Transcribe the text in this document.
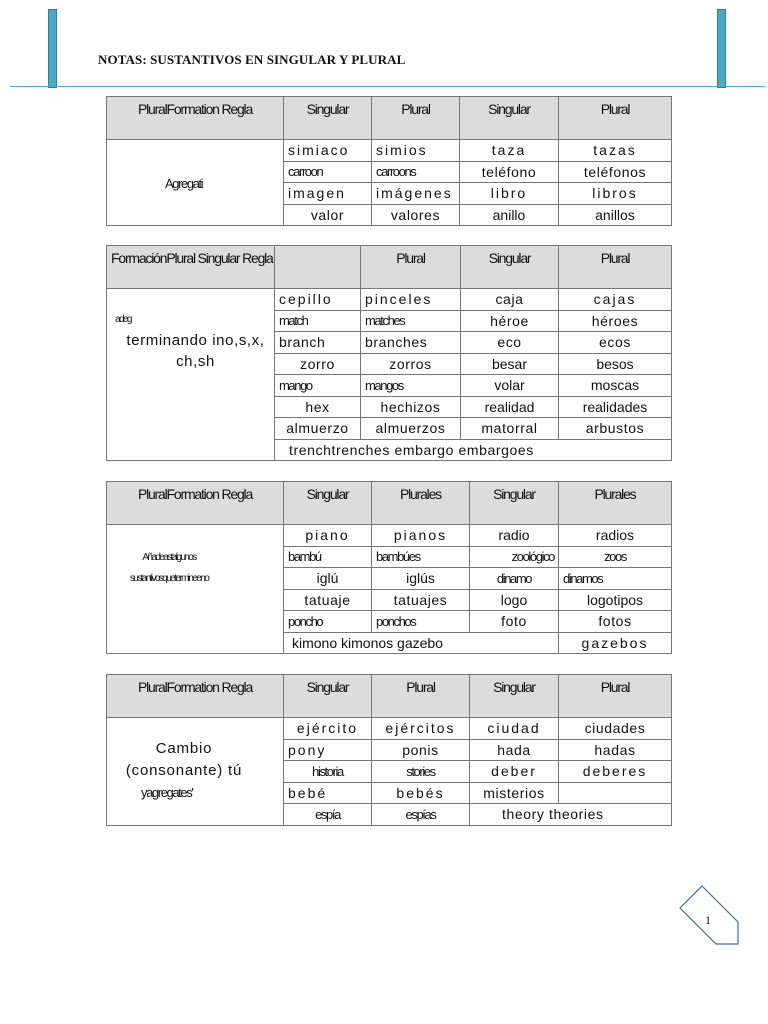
NOTAS: SUSTANTIVOS EN SINGULAR Y PLURAL
PluralFormation Regla	Singular	Plural	Singular	Plural
Agregati	simiaco	simios	taza	tazas
	carroon	carroons	teléfono	teléfonos
	imagen	imágenes	libro	libros
	valor	valores	anillo	anillos
FormaciónPlural Singular Regla		Plural	Singular	Plural

adeg
terminando ino,s,x, ch,sh	cepillo	pinceles	caja	cajas
	match	matches	héroe	héroes
	branch	branches	eco	ecos
	zorro	zorros	besar	besos
	mango	mangos	volar	moscas
	hex	hechizos	realidad	realidades
	almuerzo	almuerzos	matorral	arbustos
	trenchtrenches embargo embargoes			
PluralFormation Regla	Singular	Plurales	Singular	Plurales

Añadeastalgunos sustantivosquetermineeno	piano	pianos	radio	radios
	bambú	bambúes	zoológico	zoos
	iglú	iglús	dinamo	dinamos
	tatuaje	tatuajes	logo	logotipos
	poncho	ponchos	foto	fotos
	kimono kimonos gazebo			gazebos
PluralFormation Regla	Singular	Plural	Singular	Plural

Cambio (consonante) tú
yagregates'	ejército	ejércitos	ciudad	ciudades
	pony	ponis	hada	hadas
	historia	stories	deber	deberes
	bebé	bebés	misterios	
	espía	espías	theory theories	
1
